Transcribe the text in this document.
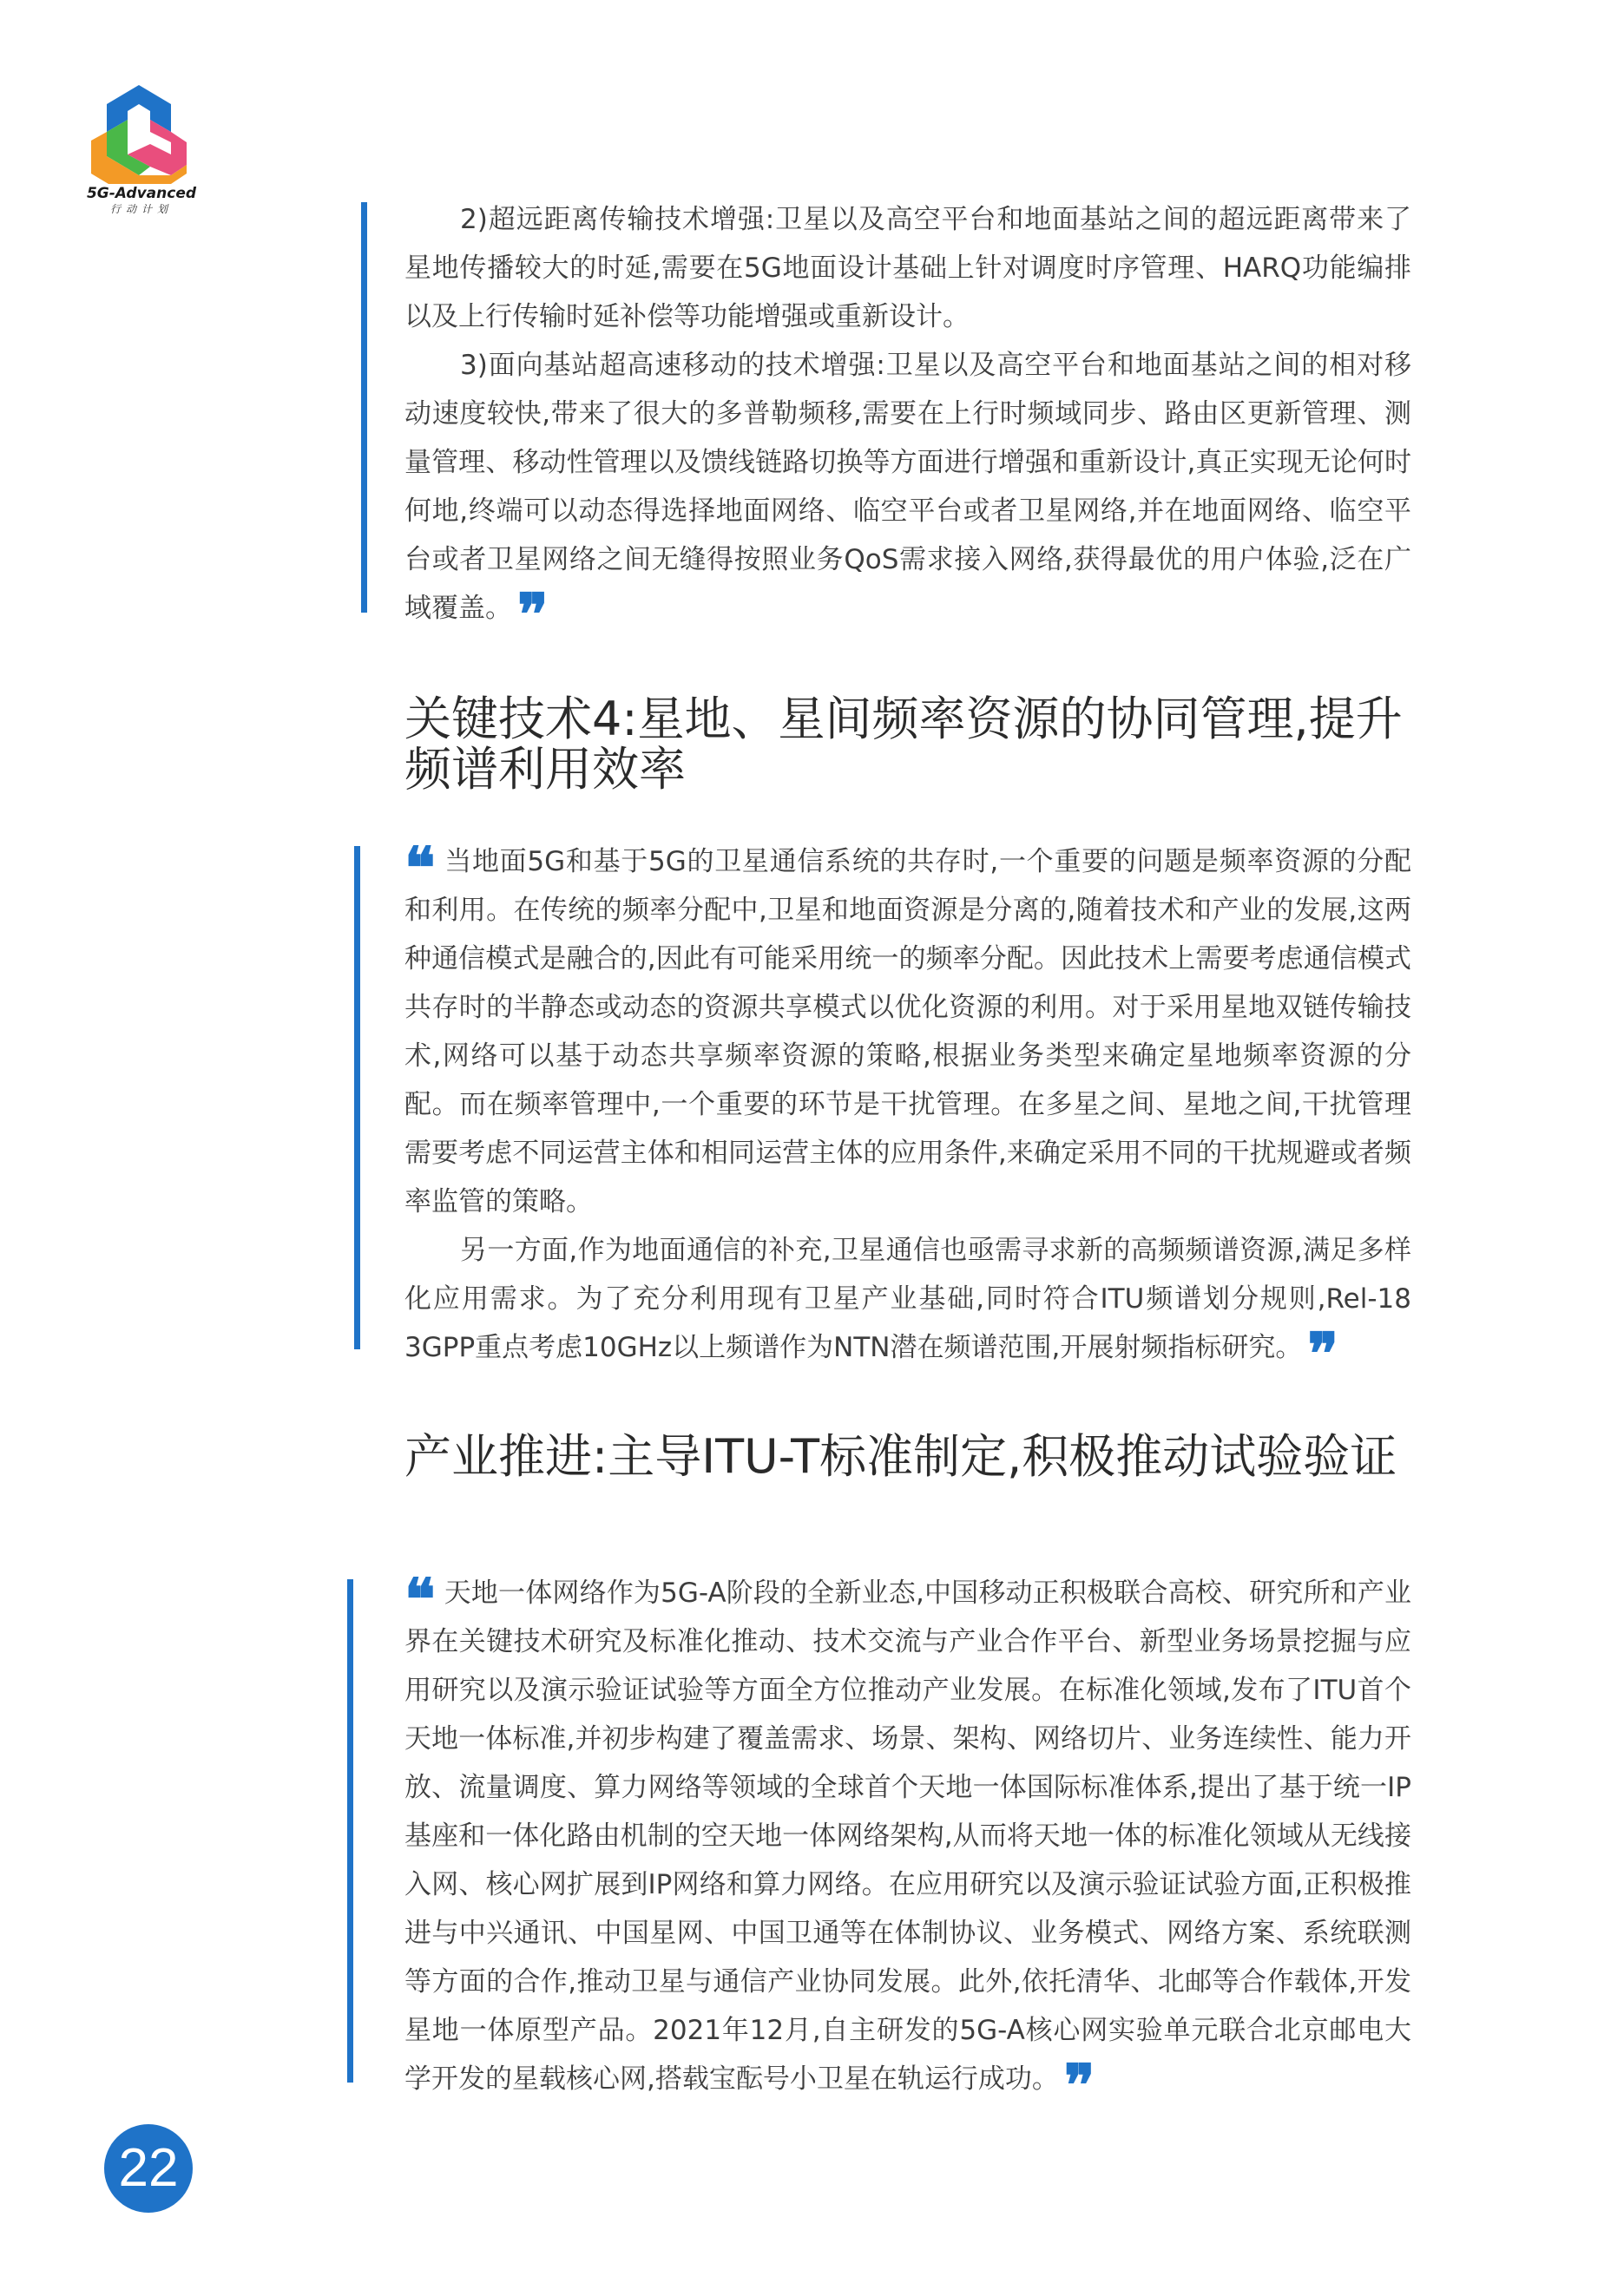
5G-Advanced
行动计划	2)超远距离传输技术增强:卫星以及高空平台和地面基站之间的超远距离带来了星地传播较大的时延,需要在5G地面设计基础上针对调度时序管理、HARQ功能编排以及上行传输时延补偿等功能增强或重新设计。

3)面向基站超高速移动的技术增强:卫星以及高空平台和地面基站之间的相对移动速度较快,带来了很大的多普勒频移,需要在上行时频域同步、路由区更新管理、测量管理、移动性管理以及馈线链路切换等方面进行增强和重新设计,真正实现无论何时何地,终端可以动态得选择地面网络、临空平台或者卫星网络,并在地面网络、临空平台或者卫星网络之间无缝得按照业务QoS需求接入网络,获得最优的用户体验,泛在广域覆盖。❞

关键技术4:星地、星间频率资源的协同管理,提升频谱利用效率

❝ 当地面5G和基于5G的卫星通信系统的共存时,一个重要的问题是频率资源的分配和利用。在传统的频率分配中,卫星和地面资源是分离的,随着技术和产业的发展,这两种通信模式是融合的,因此有可能采用统一的频率分配。因此技术上需要考虑通信模式共存时的半静态或动态的资源共享模式以优化资源的利用。对于采用星地双链传输技术,网络可以基于动态共享频率资源的策略,根据业务类型来确定星地频率资源的分配。而在频率管理中,一个重要的环节是干扰管理。在多星之间、星地之间,干扰管理需要考虑不同运营主体和相同运营主体的应用条件,来确定采用不同的干扰规避或者频率监管的策略。

另一方面,作为地面通信的补充,卫星通信也亟需寻求新的高频频谱资源,满足多样化应用需求。为了充分利用现有卫星产业基础,同时符合ITU频谱划分规则,Rel-18 3GPP重点考虑10GHz以上频谱作为NTN潜在频谱范围,开展射频指标研究。❞

产业推进:主导ITU-T标准制定,积极推动试验验证

❝ 天地一体网络作为5G-A阶段的全新业态,中国移动正积极联合高校、研究所和产业界在关键技术研究及标准化推动、技术交流与产业合作平台、新型业务场景挖掘与应用研究以及演示验证试验等方面全方位推动产业发展。在标准化领域,发布了ITU首个天地一体标准,并初步构建了覆盖需求、场景、架构、网络切片、业务连续性、能力开放、流量调度、算力网络等领域的全球首个天地一体国际标准体系,提出了基于统一IP基座和一体化路由机制的空天地一体网络架构,从而将天地一体的标准化领域从无线接入网、核心网扩展到IP网络和算力网络。在应用研究以及演示验证试验方面,正积极推进与中兴通讯、中国星网、中国卫通等在体制协议、业务模式、网络方案、系统联测等方面的合作,推动卫星与通信产业协同发展。此外,依托清华、北邮等合作载体,开发星地一体原型产品。2021年12月,自主研发的5G-A核心网实验单元联合北京邮电大学开发的星载核心网,搭载宝酝号小卫星在轨运行成功。❞

22
